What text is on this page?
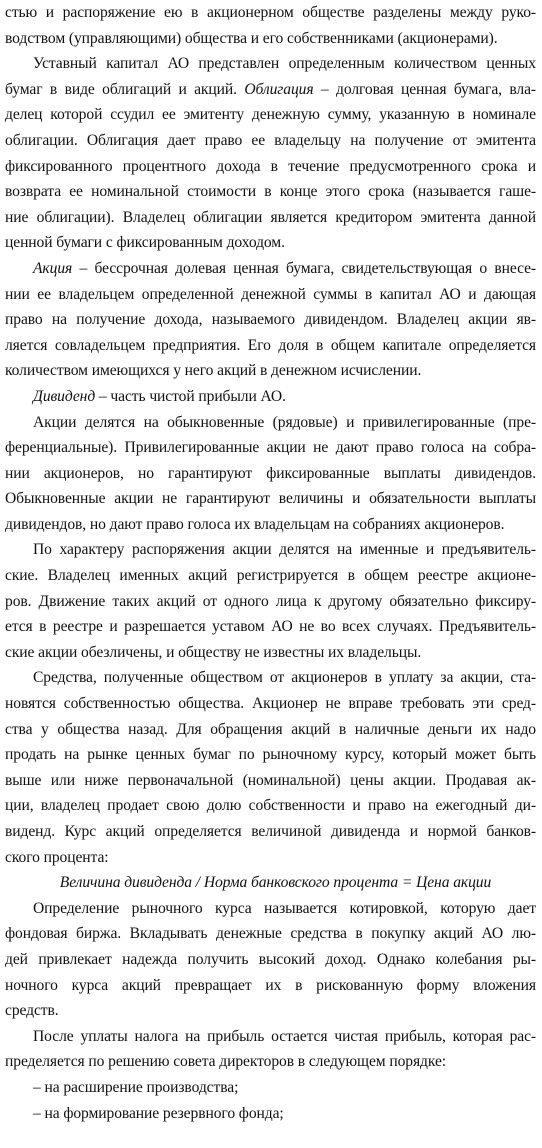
стью и распоряжение ею в акционерном обществе разделены между руко-
водством (управляющими) общества и его собственниками (акционерами).
Уставный капитал АО представлен определенным количеством ценных
бумаг в виде облигаций и акций. Облигация – долговая ценная бумага, вла-
делец которой ссудил ее эмитенту денежную сумму, указанную в номинале
облигации. Облигация дает право ее владельцу на получение от эмитента
фиксированного процентного дохода в течение предусмотренного срока и
возврата ее номинальной стоимости в конце этого срока (называется гаше-
ние облигации). Владелец облигации является кредитором эмитента данной
ценной бумаги с фиксированным доходом.
Акция – бессрочная долевая ценная бумага, свидетельствующая о внесе-
нии ее владельцем определенной денежной суммы в капитал АО и дающая
право на получение дохода, называемого дивидендом. Владелец акции яв-
ляется совладельцем предприятия. Его доля в общем капитале определяется
количеством имеющихся у него акций в денежном исчислении.
Дивиденд – часть чистой прибыли АО.
Акции делятся на обыкновенные (рядовые) и привилегированные (пре-
ференциальные). Привилегированные акции не дают право голоса на собра-
нии акционеров, но гарантируют фиксированные выплаты дивидендов.
Обыкновенные акции не гарантируют величины и обязательности выплаты
дивидендов, но дают право голоса их владельцам на собраниях акционеров.
По характеру распоряжения акции делятся на именные и предъявитель-
ские. Владелец именных акций регистрируется в общем реестре акционе-
ров. Движение таких акций от одного лица к другому обязательно фиксиру-
ется в реестре и разрешается уставом АО не во всех случаях. Предъявитель-
ские акции обезличены, и обществу не известны их владельцы.
Средства, полученные обществом от акционеров в уплату за акции, ста-
новятся собственностью общества. Акционер не вправе требовать эти сред-
ства у общества назад. Для обращения акций в наличные деньги их надо
продать на рынке ценных бумаг по рыночному курсу, который может быть
выше или ниже первоначальной (номинальной) цены акции. Продавая ак-
ции, владелец продает свою долю собственности и право на ежегодный ди-
виденд. Курс акций определяется величиной дивиденда и нормой банков-
ского процента:
Величина дивиденда / Норма банковского процента = Цена акции
Определение рыночного курса называется котировкой, которую дает
фондовая биржа. Вкладывать денежные средства в покупку акций АО лю-
дей привлекает надежда получить высокий доход. Однако колебания ры-
ночного курса акций превращает их в рискованную форму вложения
средств.
После уплаты налога на прибыль остается чистая прибыль, которая рас-
пределяется по решению совета директоров в следующем порядке:
– на расширение производства;
– на формирование резервного фонда;
